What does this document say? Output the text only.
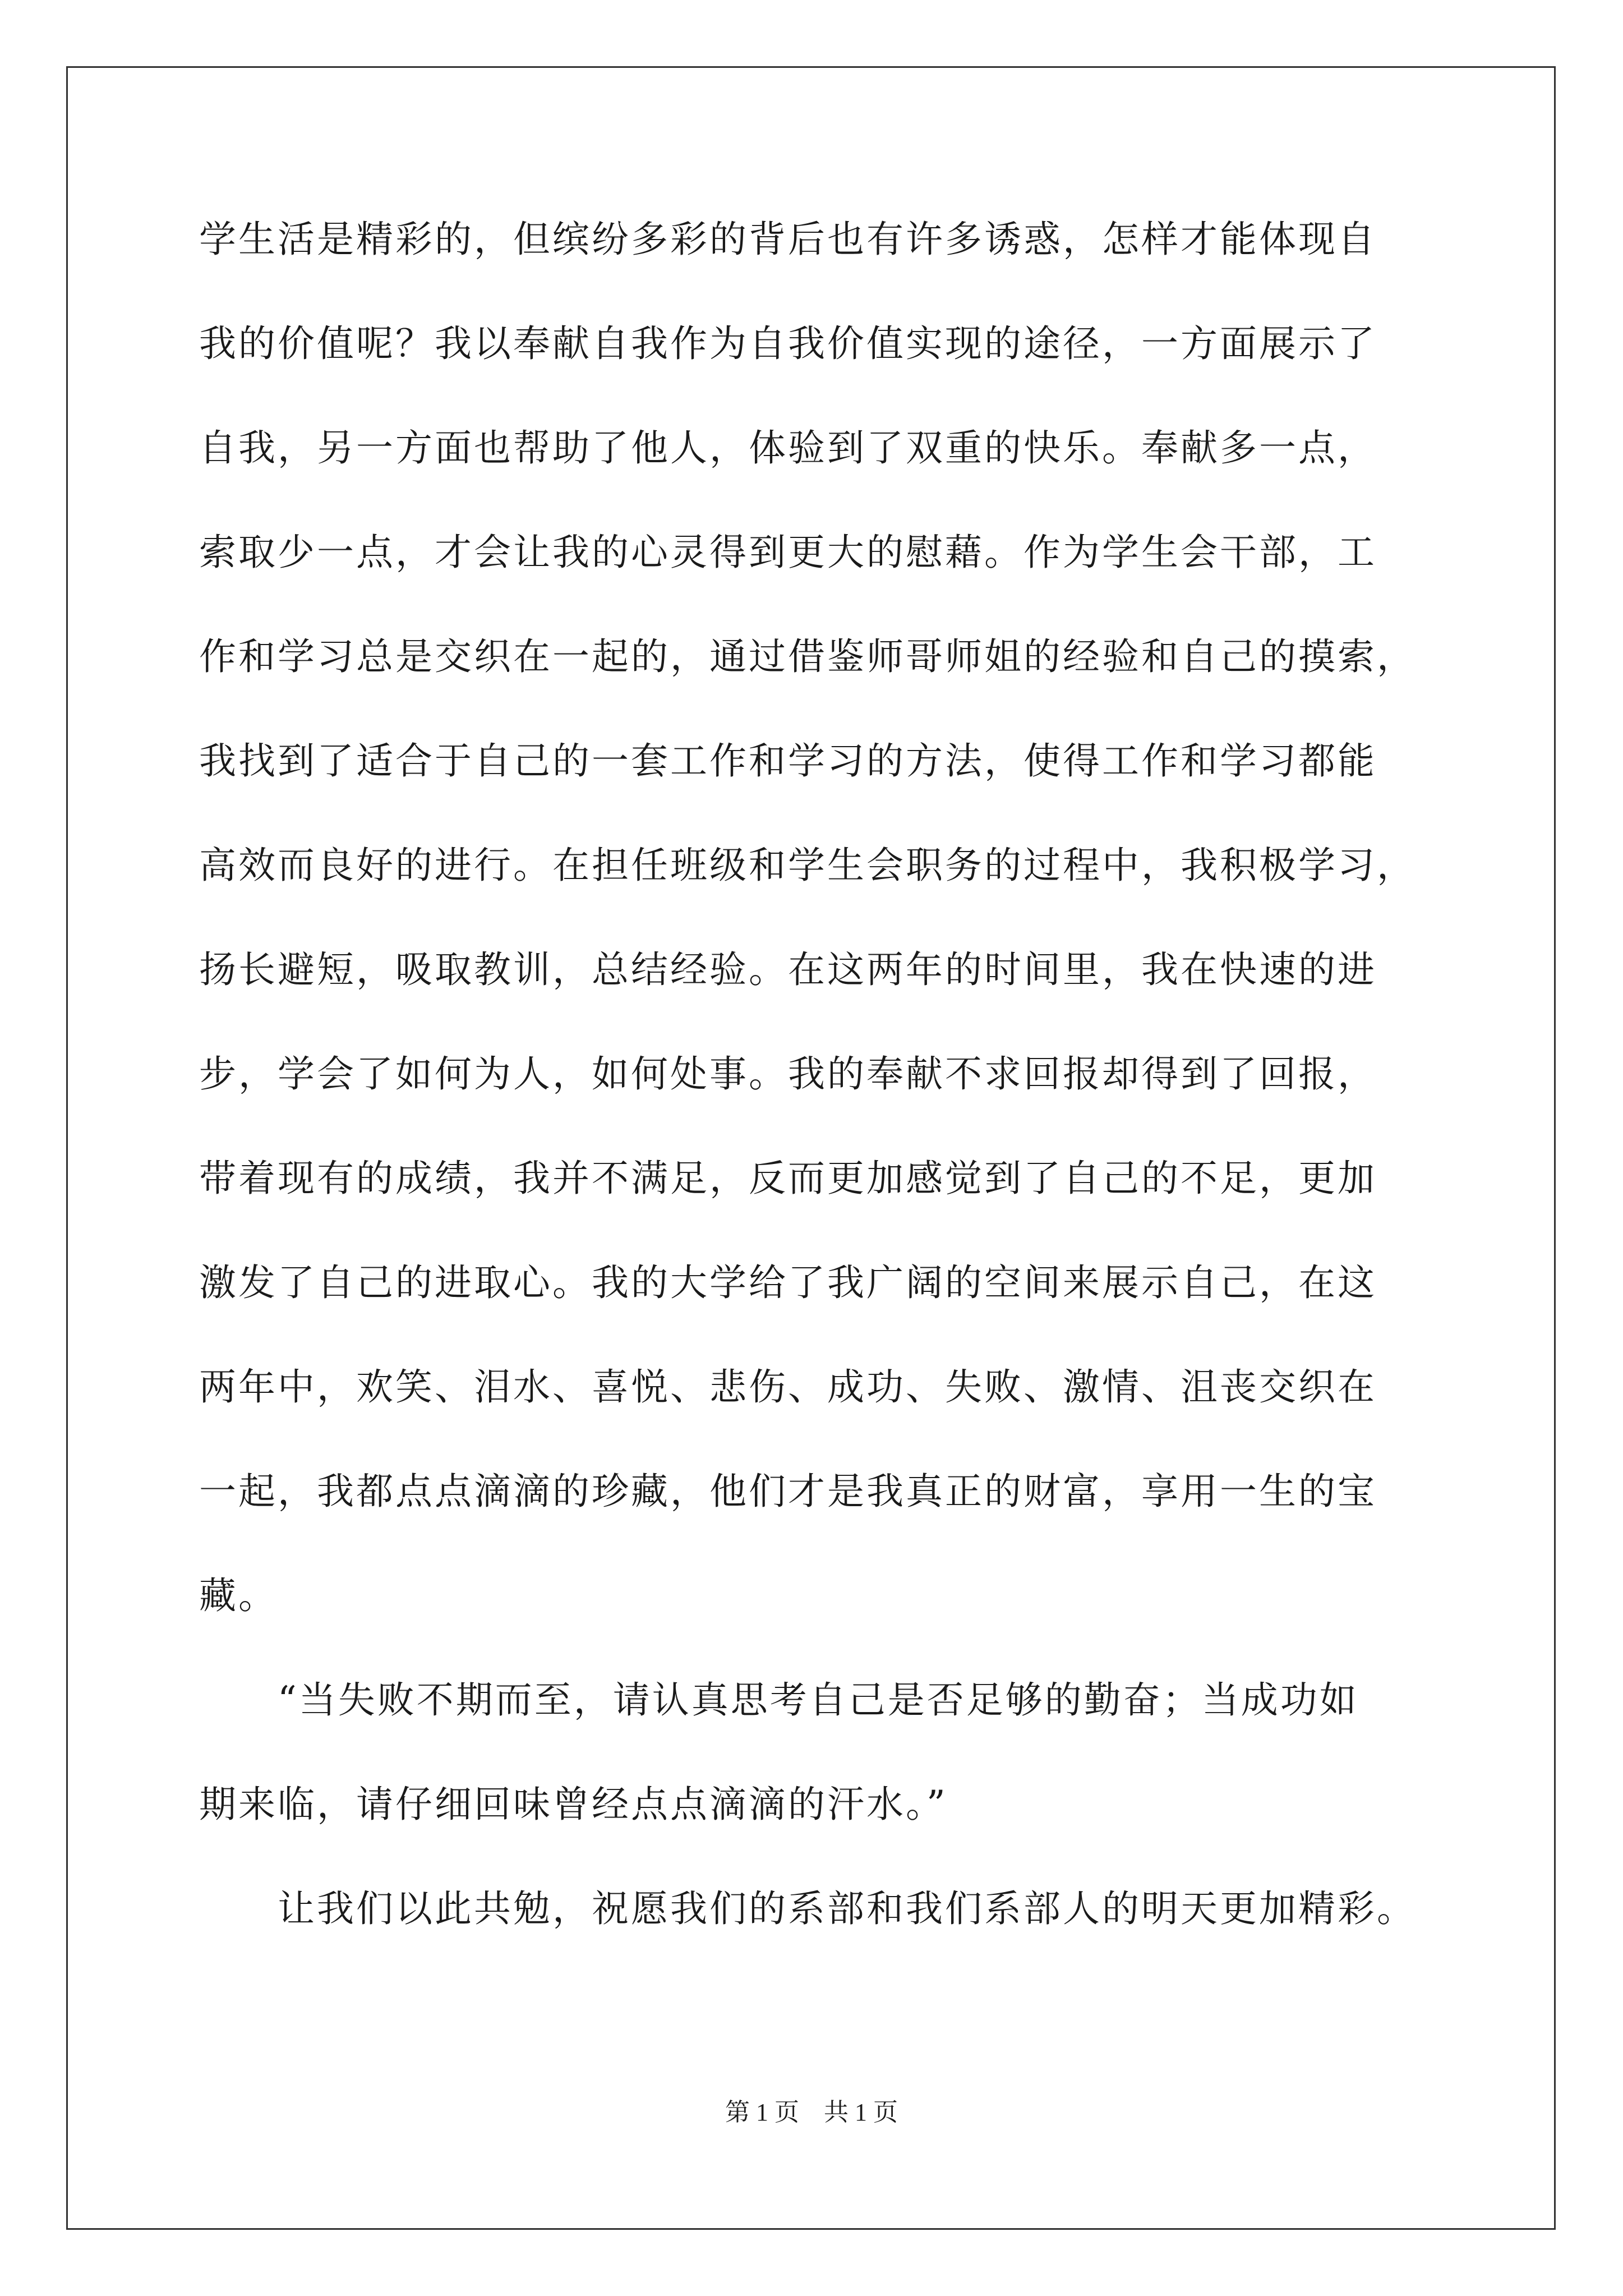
学生活是精彩的，但缤纷多彩的背后也有许多诱惑，怎样才能体现自
我的价值呢？我以奉献自我作为自我价值实现的途径，一方面展示了
自我，另一方面也帮助了他人，体验到了双重的快乐。奉献多一点，
索取少一点，才会让我的心灵得到更大的慰藉。作为学生会干部，工
作和学习总是交织在一起的，通过借鉴师哥师姐的经验和自己的摸索，
我找到了适合于自己的一套工作和学习的方法，使得工作和学习都能
高效而良好的进行。在担任班级和学生会职务的过程中，我积极学习，
扬长避短，吸取教训，总结经验。在这两年的时间里，我在快速的进
步，学会了如何为人，如何处事。我的奉献不求回报却得到了回报，
带着现有的成绩，我并不满足，反而更加感觉到了自己的不足，更加
激发了自己的进取心。我的大学给了我广阔的空间来展示自己，在这
两年中，欢笑、泪水、喜悦、悲伤、成功、失败、激情、沮丧交织在
一起，我都点点滴滴的珍藏，他们才是我真正的财富，享用一生的宝
藏。
“当失败不期而至，请认真思考自己是否足够的勤奋；当成功如
期来临，请仔细回味曾经点点滴滴的汗水。”
让我们以此共勉，祝愿我们的系部和我们系部人的明天更加精彩。
第 1 页　共 1 页
